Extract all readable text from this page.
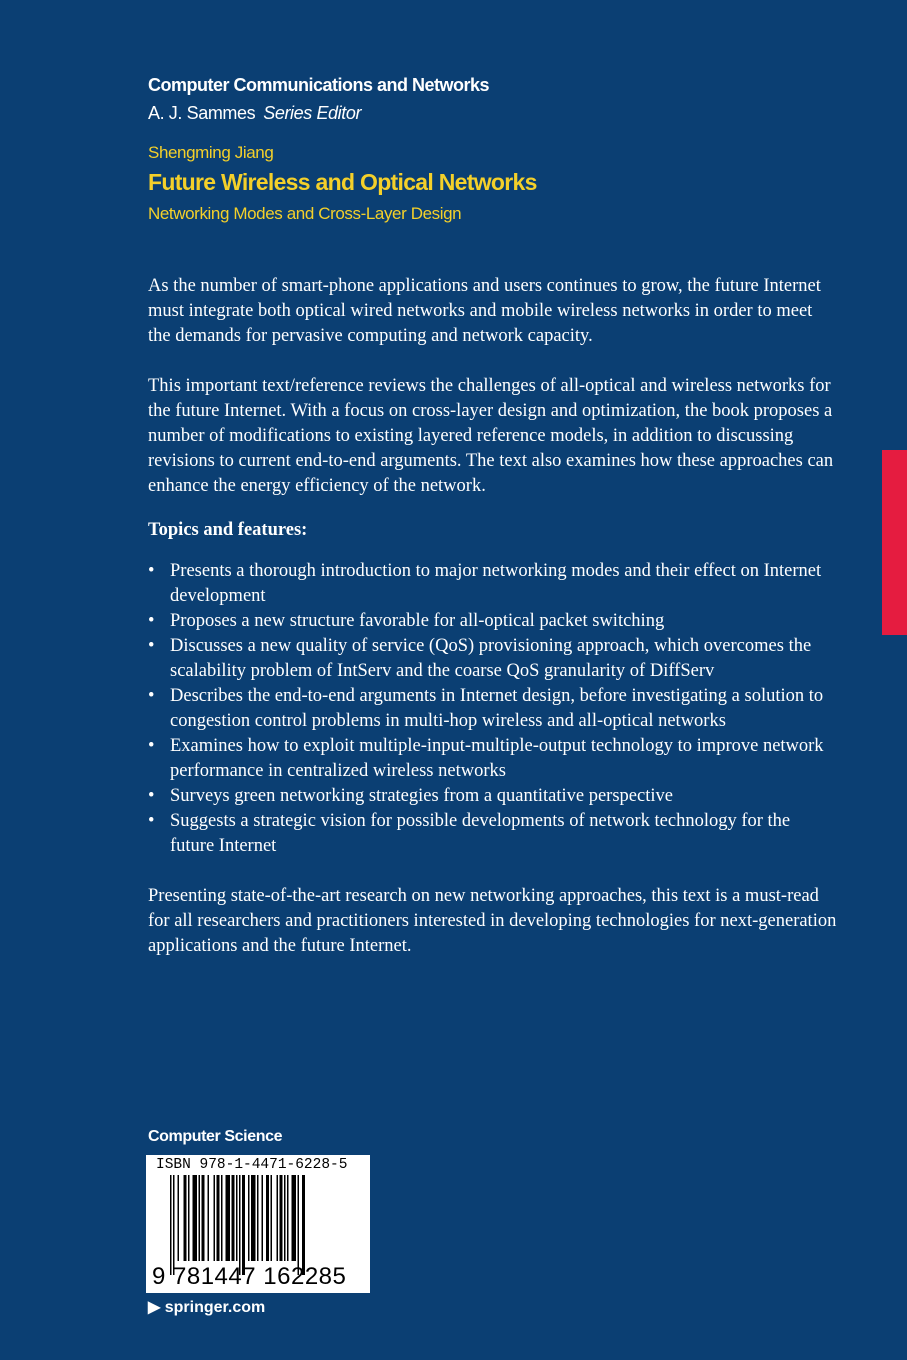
Computer Communications and Networks
A. J. Sammes Series Editor
Shengming Jiang
Future Wireless and Optical Networks
Networking Modes and Cross-Layer Design

As the number of smart-phone applications and users continues to grow, the future Internet must integrate both optical wired networks and mobile wireless networks in order to meet the demands for pervasive computing and network capacity.

This important text/reference reviews the challenges of all-optical and wireless networks for the future Internet. With a focus on cross-layer design and optimization, the book proposes a number of modifications to existing layered reference models, in addition to discussing revisions to current end-to-end arguments. The text also examines how these approaches can enhance the energy efficiency of the network.

Topics and features:
• Presents a thorough introduction to major networking modes and their effect on Internet development
• Proposes a new structure favorable for all-optical packet switching
• Discusses a new quality of service (QoS) provisioning approach, which overcomes the scalability problem of IntServ and the coarse QoS granularity of DiffServ
• Describes the end-to-end arguments in Internet design, before investigating a solution to congestion control problems in multi-hop wireless and all-optical networks
• Examines how to exploit multiple-input-multiple-output technology to improve network performance in centralized wireless networks
• Surveys green networking strategies from a quantitative perspective
• Suggests a strategic vision for possible developments of network technology for the future Internet

Presenting state-of-the-art research on new networking approaches, this text is a must-read for all researchers and practitioners interested in developing technologies for next-generation applications and the future Internet.

Computer Science
ISBN 978-1-4471-6228-5
9 781447 162285
▶ springer.com
